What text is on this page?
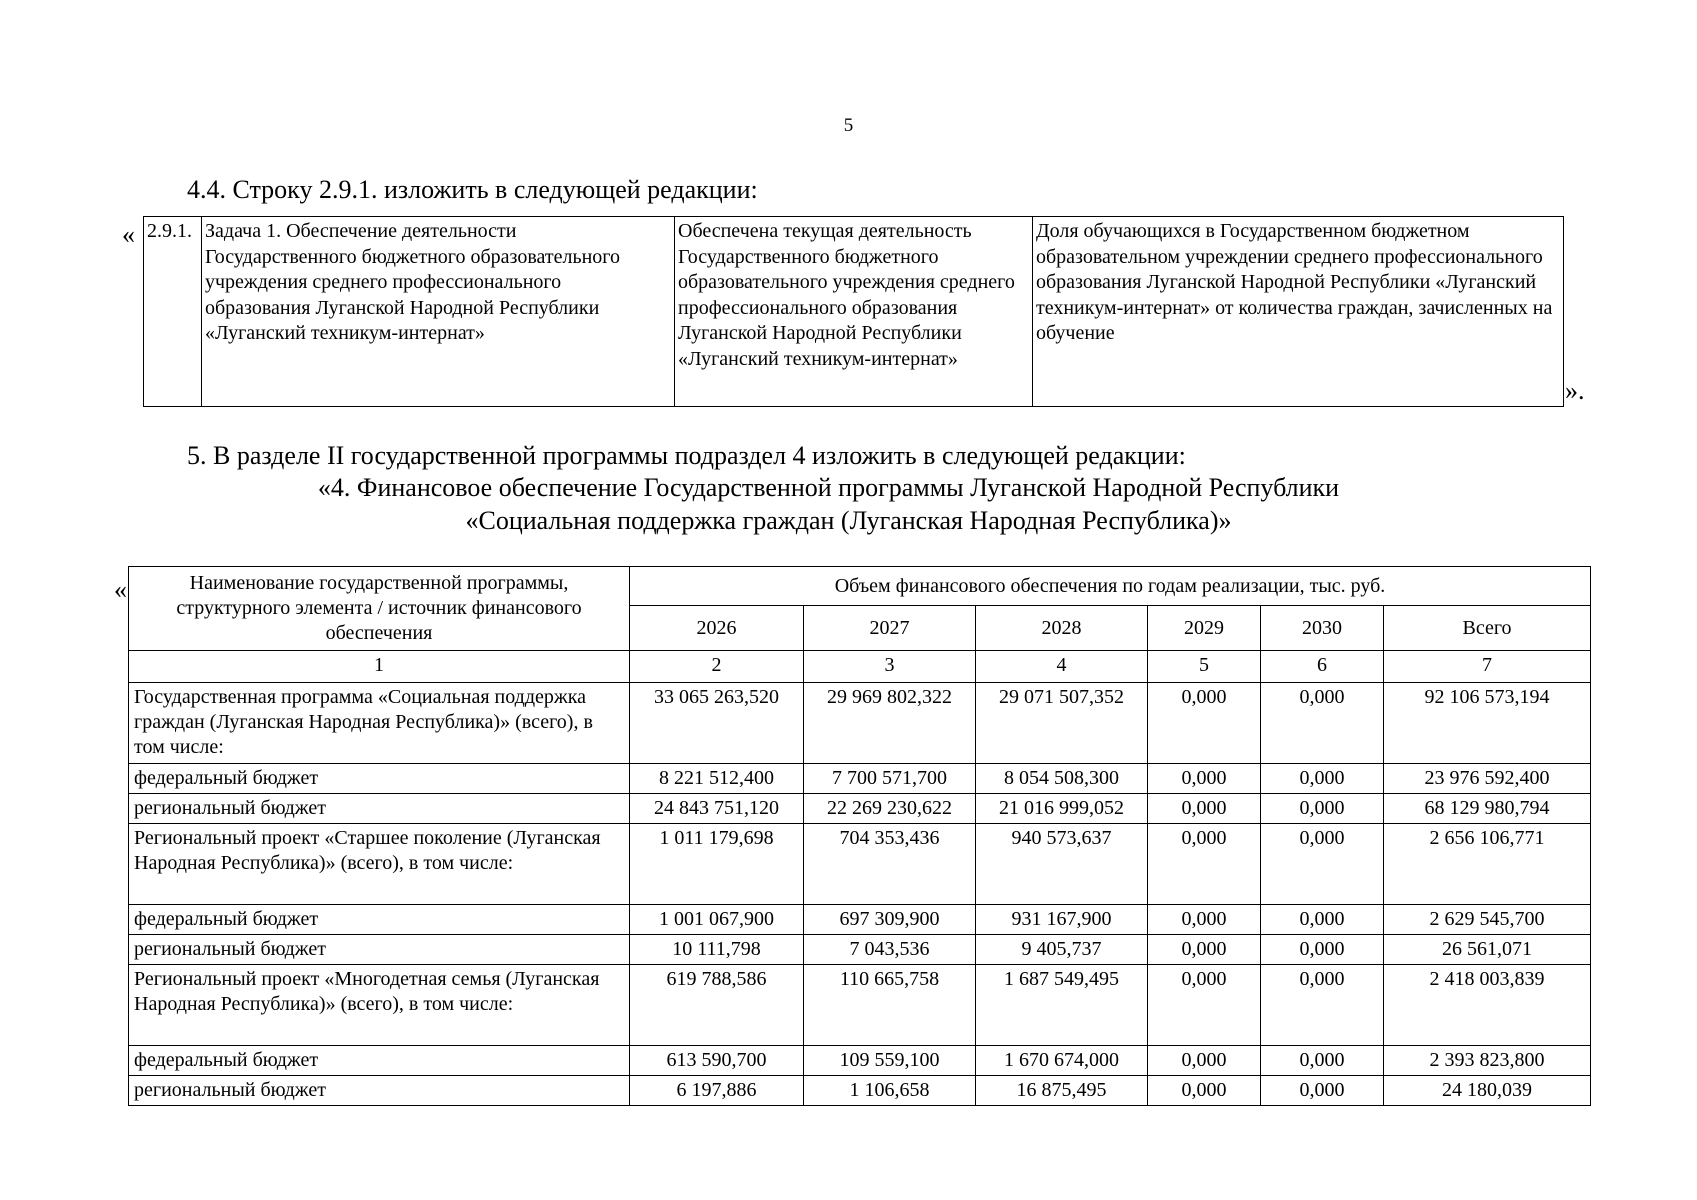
5
4.4. Строку 2.9.1. изложить в следующей редакции:
« 2.9.1.	Задача 1. Обеспечение деятельности Государственного бюджетного образовательного учреждения среднего профессионального образования Луганской Народной Республики «Луганский техникум-интернат»	Обеспечена текущая деятельность Государственного бюджетного образовательного учреждения среднего профессионального образования Луганской Народной Республики «Луганский техникум-интернат»	Доля обучающихся в Государственном бюджетном образовательном учреждении среднего профессионального образования Луганской Народной Республики «Луганский техникум-интернат» от количества граждан, зачисленных на обучение
».
5. В разделе II государственной программы подраздел 4 изложить в следующей редакции:
«4. Финансовое обеспечение Государственной программы Луганской Народной Республики
«Социальная поддержка граждан (Луганская Народная Республика)»
«	Наименование государственной программы, структурного элемента / источник финансового обеспечения	Объем финансового обеспечения по годам реализации, тыс. руб.					
	2026	2027	2028	2029	2030	Всего
1	2	3	4	5	6	7
Государственная программа «Социальная поддержка граждан (Луганская Народная Республика)» (всего), в том числе:	33 065 263,520	29 969 802,322	29 071 507,352	0,000	0,000	92 106 573,194
федеральный бюджет	8 221 512,400	7 700 571,700	8 054 508,300	0,000	0,000	23 976 592,400
региональный бюджет	24 843 751,120	22 269 230,622	21 016 999,052	0,000	0,000	68 129 980,794
Региональный проект «Старшее поколение (Луганская Народная Республика)» (всего), в том числе:	1 011 179,698	704 353,436	940 573,637	0,000	0,000	2 656 106,771
федеральный бюджет	1 001 067,900	697 309,900	931 167,900	0,000	0,000	2 629 545,700
региональный бюджет	10 111,798	7 043,536	9 405,737	0,000	0,000	26 561,071
Региональный проект «Многодетная семья (Луганская Народная Республика)» (всего), в том числе:	619 788,586	110 665,758	1 687 549,495	0,000	0,000	2 418 003,839
федеральный бюджет	613 590,700	109 559,100	1 670 674,000	0,000	0,000	2 393 823,800
региональный бюджет	6 197,886	1 106,658	16 875,495	0,000	0,000	24 180,039
